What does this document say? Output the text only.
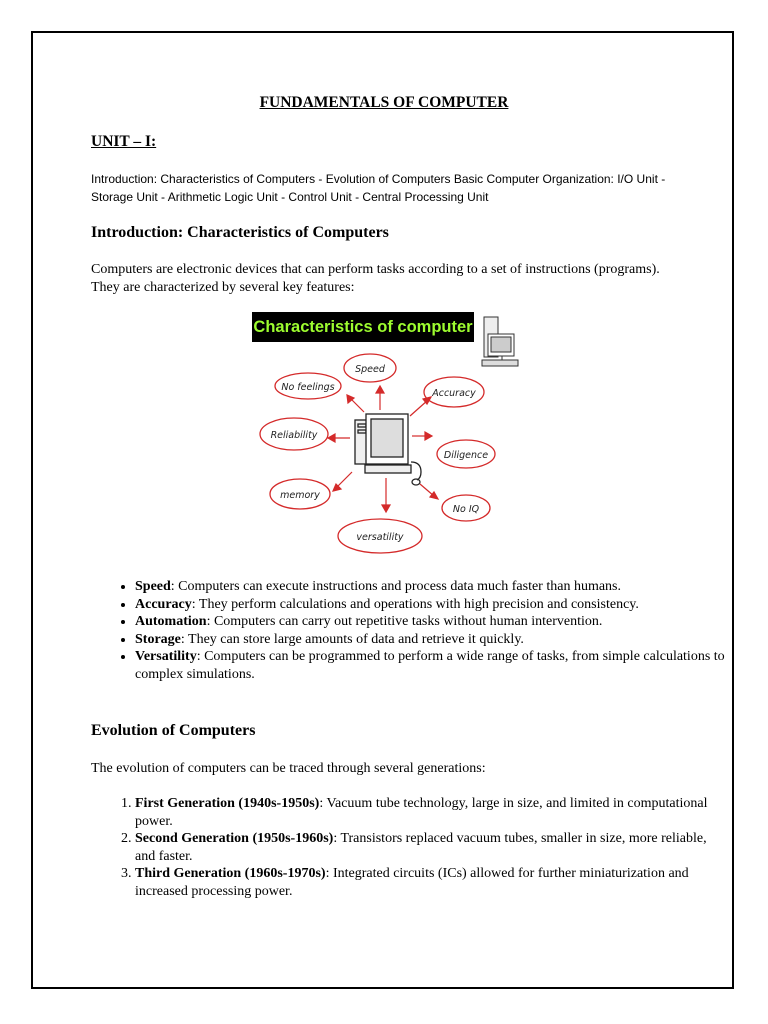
FUNDAMENTALS OF COMPUTER
UNIT – I:
Introduction: Characteristics of Computers - Evolution of Computers Basic Computer Organization: I/O Unit - Storage Unit - Arithmetic Logic Unit - Control Unit - Central Processing Unit
Introduction: Characteristics of Computers
Computers are electronic devices that can perform tasks according to a set of instructions (programs). They are characterized by several key features:
Characteristics of computer
Speed
No feelings
Accuracy
Reliability
Diligence
memory
No IQ
versatility
• Speed: Computers can execute instructions and process data much faster than humans.
• Accuracy: They perform calculations and operations with high precision and consistency.
• Automation: Computers can carry out repetitive tasks without human intervention.
• Storage: They can store large amounts of data and retrieve it quickly.
• Versatility: Computers can be programmed to perform a wide range of tasks, from simple calculations to complex simulations.
Evolution of Computers
The evolution of computers can be traced through several generations:
1. First Generation (1940s-1950s): Vacuum tube technology, large in size, and limited in computational power.
2. Second Generation (1950s-1960s): Transistors replaced vacuum tubes, smaller in size, more reliable, and faster.
3. Third Generation (1960s-1970s): Integrated circuits (ICs) allowed for further miniaturization and increased processing power.
